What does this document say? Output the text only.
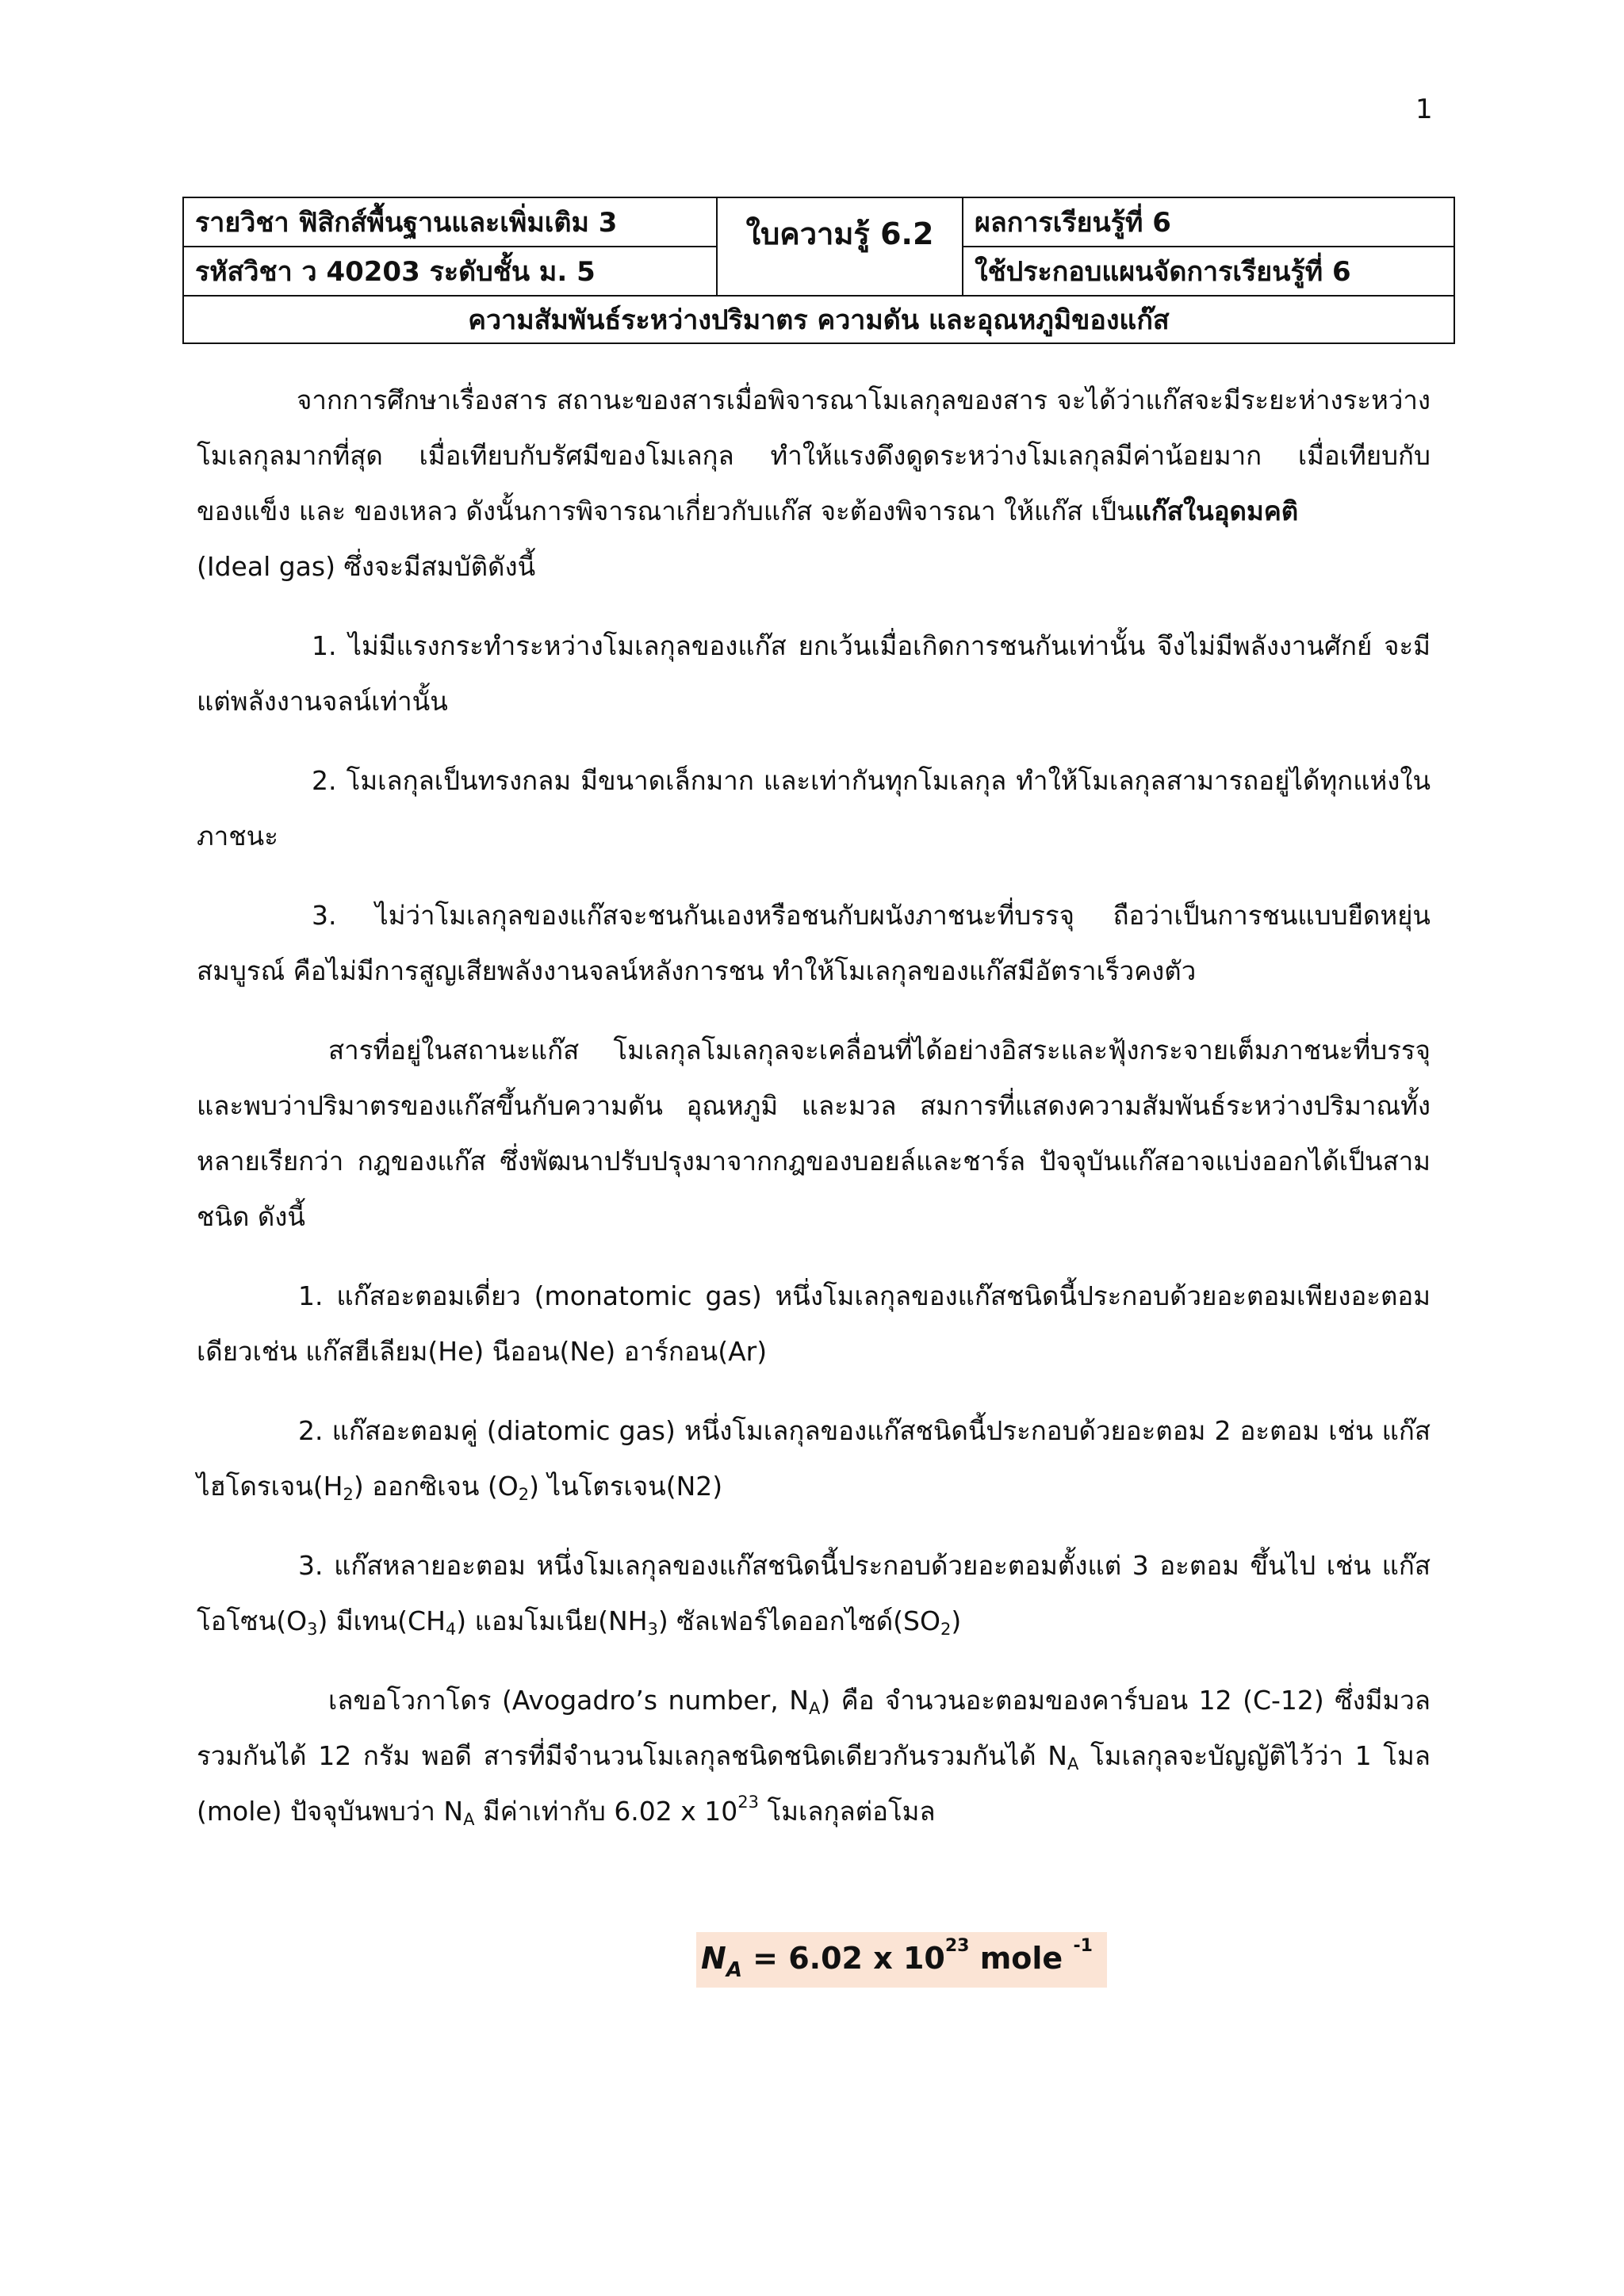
1
รายวิชา ฟิสิกส์พื้นฐานและเพิ่มเติม 3	ใบความรู้ 6.2	ผลการเรียนรู้ที่ 6
รหัสวิชา ว 40203 ระดับชั้น ม. 5		ใช้ประกอบแผนจัดการเรียนรู้ที่ 6
ความสัมพันธ์ระหว่างปริมาตร ความดัน และอุณหภูมิของแก๊ส		

จากการศึกษาเรื่องสาร สถานะของสารเมื่อพิจารณาโมเลกุลของสาร จะได้ว่าแก๊สจะมีระยะห่างระหว่างโมเลกุลมากที่สุด เมื่อเทียบกับรัศมีของโมเลกุล ทำให้แรงดึงดูดระหว่างโมเลกุลมีค่าน้อยมาก เมื่อเทียบกับ ของแข็ง และ ของเหลว ดังนั้นการพิจารณาเกี่ยวกับแก๊ส จะต้องพิจารณา ให้แก๊ส เป็นแก๊สในอุดมคติ
(Ideal gas) ซึ่งจะมีสมบัติดังนี้

1. ไม่มีแรงกระทำระหว่างโมเลกุลของแก๊ส ยกเว้นเมื่อเกิดการชนกันเท่านั้น จึงไม่มีพลังงานศักย์ จะมีแต่พลังงานจลน์เท่านั้น

2. โมเลกุลเป็นทรงกลม มีขนาดเล็กมาก และเท่ากันทุกโมเลกุล ทำให้โมเลกุลสามารถอยู่ได้ทุกแห่งในภาชนะ

3. ไม่ว่าโมเลกุลของแก๊สจะชนกันเองหรือชนกับผนังภาชนะที่บรรจุ ถือว่าเป็นการชนแบบยืดหยุ่นสมบูรณ์ คือไม่มีการสูญเสียพลังงานจลน์หลังการชน ทำให้โมเลกุลของแก๊สมีอัตราเร็วคงตัว

สารที่อยู่ในสถานะแก๊ส โมเลกุลโมเลกุลจะเคลื่อนที่ได้อย่างอิสระและฟุ้งกระจายเต็มภาชนะที่บรรจุ และพบว่าปริมาตรของแก๊สขึ้นกับความดัน อุณหภูมิ และมวล สมการที่แสดงความสัมพันธ์ระหว่างปริมาณทั้งหลายเรียกว่า กฎของแก๊ส ซึ่งพัฒนาปรับปรุงมาจากกฎของบอยล์และชาร์ล ปัจจุบันแก๊สอาจแบ่งออกได้เป็นสามชนิด ดังนี้

1. แก๊สอะตอมเดี่ยว (monatomic gas) หนึ่งโมเลกุลของแก๊สชนิดนี้ประกอบด้วยอะตอมเพียงอะตอมเดียวเช่น แก๊สฮีเลียม(He) นีออน(Ne) อาร์กอน(Ar)

2. แก๊สอะตอมคู่ (diatomic gas) หนึ่งโมเลกุลของแก๊สชนิดนี้ประกอบด้วยอะตอม 2 อะตอม เช่น แก๊สไฮโดรเจน$(H_2)$ ออกซิเจน $(O_2)$ ไนโตรเจน(N2)

3. แก๊สหลายอะตอม หนึ่งโมเลกุลของแก๊สชนิดนี้ประกอบด้วยอะตอมตั้งแต่ 3 อะตอม ขึ้นไป เช่น แก๊สโอโซน$(O_3)$ มีเทน$(CH_4)$ แอมโมเนีย$(NH_3)$ ซัลเฟอร์ไดออกไซด์$(SO_2)$

เลขอโวกาโดร (Avogadro’s number, $N_A$) คือ จำนวนอะตอมของคาร์บอน 12 (C-12) ซึ่งมีมวลรวมกันได้ 12 กรัม พอดี สารที่มีจำนวนโมเลกุลชนิดชนิดเดียวกันรวมกันได้ $N_A$ โมเลกุลจะบัญญัติไว้ว่า 1 โมล (mole) ปัจจุบันพบว่า $N_A$ มีค่าเท่ากับ 6.02 x $10^{23}$ โมเลกุลต่อโมล

$N_A = 6.02$ x $10^{23}$ mole $^{-1}$
